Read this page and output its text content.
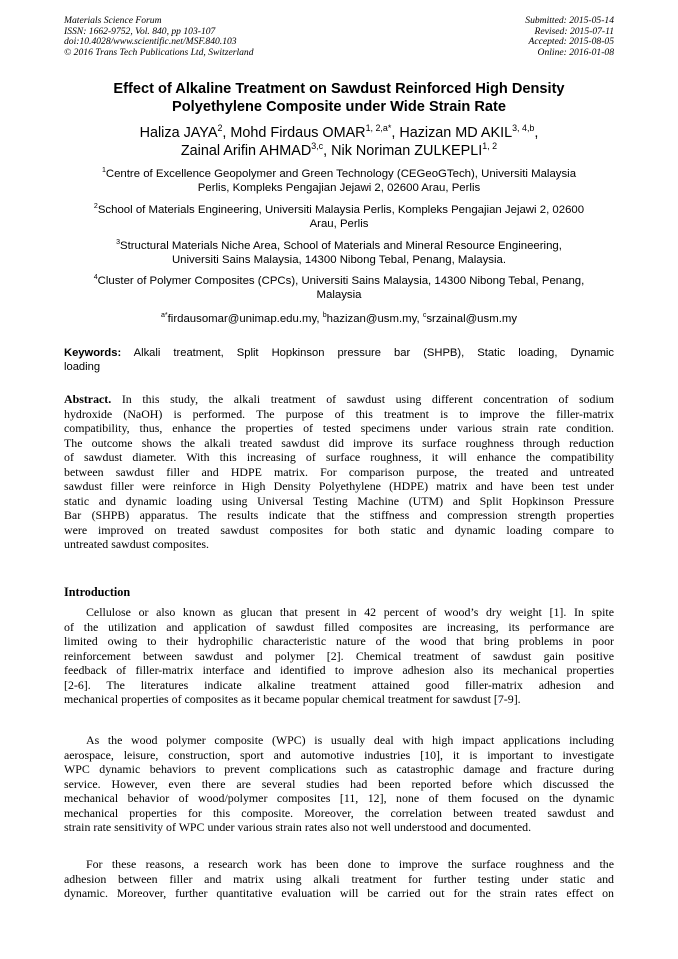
Materials Science Forum
ISSN: 1662-9752, Vol. 840, pp 103-107
doi:10.4028/www.scientific.net/MSF.840.103
© 2016 Trans Tech Publications Ltd, Switzerland
Submitted: 2015-05-14
Revised: 2015-07-11
Accepted: 2015-08-05
Online: 2016-01-08
Effect of Alkaline Treatment on Sawdust Reinforced High Density
Polyethylene Composite under Wide Strain Rate
Haliza JAYA$^2$, Mohd Firdaus $OMAR^{1, 2,a*}$, Hazizan MD AKIL$^{3, 4,b}$,
Zainal Arifin AHMAD$^{3,c}$, Nik Noriman ZULKEPLI$^{1, 2}$
$^1$Centre of Excellence Geopolymer and Green Technology (CEGeoGTech), Universiti Malaysia
Perlis, Kompleks Pengajian Jejawi 2, 02600 Arau, Perlis
$^2$School of Materials Engineering, Universiti Malaysia Perlis, Kompleks Pengajian Jejawi 2, 02600
Arau, Perlis
$^3$Structural Materials Niche Area, School of Materials and Mineral Resource Engineering,
Universiti Sains Malaysia, 14300 Nibong Tebal, Penang, Malaysia.
$^4$Cluster of Polymer Composites (CPCs), Universiti Sains Malaysia, 14300 Nibong Tebal, Penang,
Malaysia
$^{a*}$firdausomar@unimap.edu.my, $^b$hazizan@usm.my, $^c$srzainal@usm.my
Keywords: Alkali treatment, Split Hopkinson pressure bar (SHPB), Static loading, Dynamic
loading
Abstract. In this study, the alkali treatment of sawdust using different concentration of sodium
hydroxide (NaOH) is performed. The purpose of this treatment is to improve the filler-matrix
compatibility, thus, enhance the properties of tested specimens under various strain rate condition.
The outcome shows the alkali treated sawdust did improve its surface roughness through reduction
of sawdust diameter. With this increasing of surface roughness, it will enhance the compatibility
between sawdust filler and HDPE matrix. For comparison purpose, the treated and untreated
sawdust filler were reinforce in High Density Polyethylene (HDPE) matrix and have been test under
static and dynamic loading using Universal Testing Machine (UTM) and Split Hopkinson Pressure
Bar (SHPB) apparatus. The results indicate that the stiffness and compression strength properties
were improved on treated sawdust composites for both static and dynamic loading compare to
untreated sawdust composites.
Introduction
Cellulose or also known as glucan that present in 42 percent of wood’s dry weight [1]. In spite
of the utilization and application of sawdust filled composites are increasing, its performance are
limited owing to their hydrophilic characteristic nature of the wood that bring problems in poor
reinforcement between sawdust and polymer [2]. Chemical treatment of sawdust gain positive
feedback of filler-matrix interface and identified to improve adhesion also its mechanical properties
[2-6]. The literatures indicate alkaline treatment attained good filler-matrix adhesion and
mechanical properties of composites as it became popular chemical treatment for sawdust [7-9].
As the wood polymer composite (WPC) is usually deal with high impact applications including
aerospace, leisure, construction, sport and automotive industries [10], it is important to investigate
WPC dynamic behaviors to prevent complications such as catastrophic damage and fracture during
service. However, even there are several studies had been reported before which discussed the
mechanical behavior of wood/polymer composites [11, 12], none of them focused on the dynamic
mechanical properties for this composite. Moreover, the correlation between treated sawdust and
strain rate sensitivity of WPC under various strain rates also not well understood and documented.
For these reasons, a research work has been done to improve the surface roughness and the
adhesion between filler and matrix using alkali treatment for further testing under static and
dynamic. Moreover, further quantitative evaluation will be carried out for the strain rates effect on
